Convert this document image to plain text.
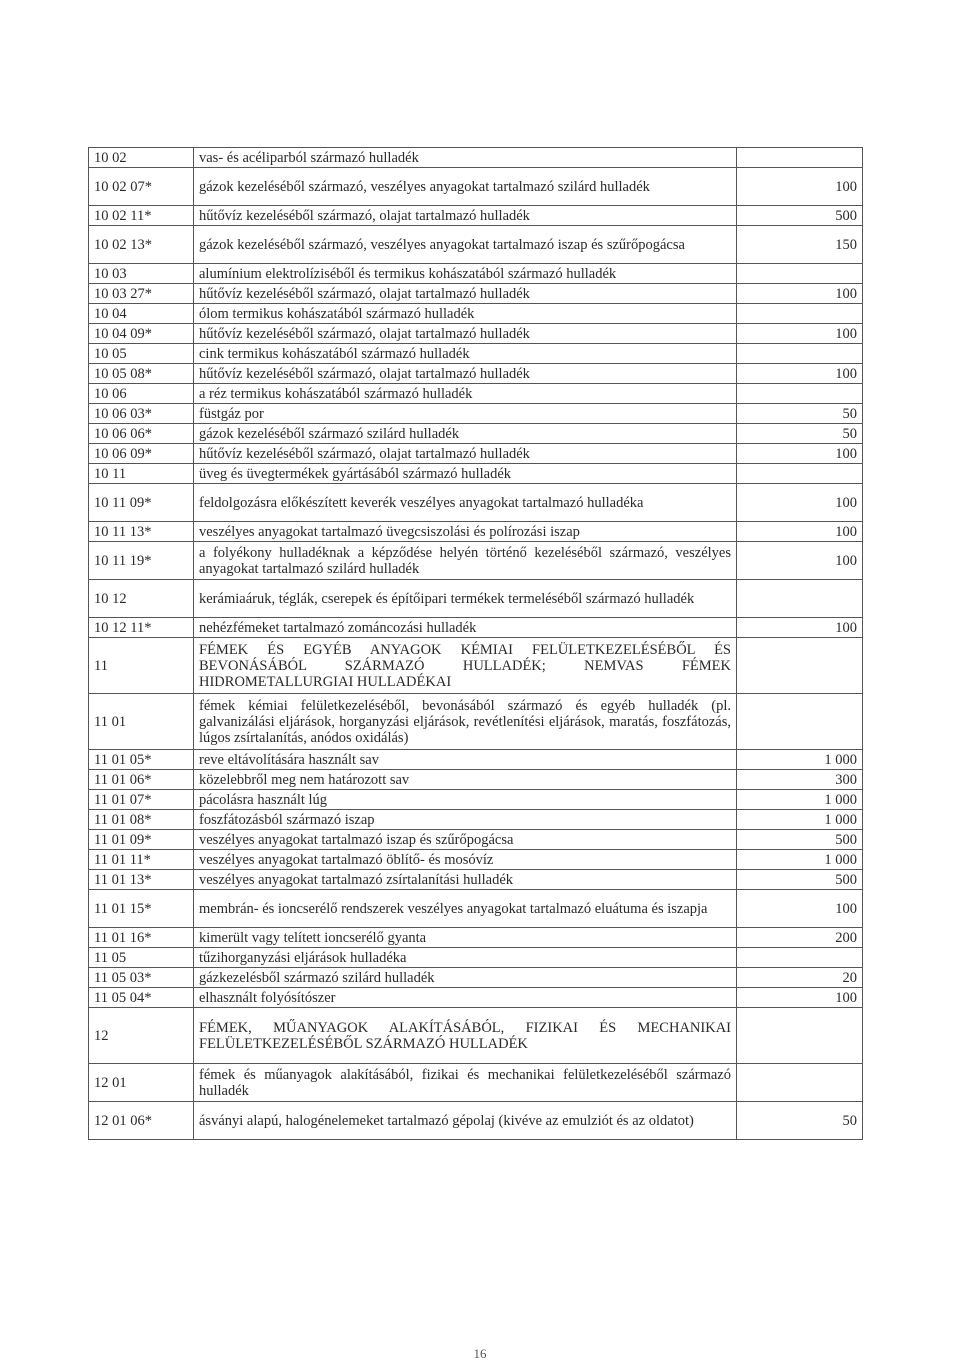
10 02	vas- és acéliparból származó hulladék	
10 02 07*	gázok kezeléséből származó, veszélyes anyagokat tartalmazó szilárd hulladék	100
10 02 11*	hűtővíz kezeléséből származó, olajat tartalmazó hulladék	500
10 02 13*	gázok kezeléséből származó, veszélyes anyagokat tartalmazó iszap és szűrőpogácsa	150
10 03	alumínium elektrolíziséből és termikus kohászatából származó hulladék	
10 03 27*	hűtővíz kezeléséből származó, olajat tartalmazó hulladék	100
10 04	ólom termikus kohászatából származó hulladék	
10 04 09*	hűtővíz kezeléséből származó, olajat tartalmazó hulladék	100
10 05	cink termikus kohászatából származó hulladék	
10 05 08*	hűtővíz kezeléséből származó, olajat tartalmazó hulladék	100
10 06	a réz termikus kohászatából származó hulladék	
10 06 03*	füstgáz por	50
10 06 06*	gázok kezeléséből származó szilárd hulladék	50
10 06 09*	hűtővíz kezeléséből származó, olajat tartalmazó hulladék	100
10 11	üveg és üvegtermékek gyártásából származó hulladék	
10 11 09*	feldolgozásra előkészített keverék veszélyes anyagokat tartalmazó hulladéka	100
10 11 13*	veszélyes anyagokat tartalmazó üvegcsiszolási és polírozási iszap	100
10 11 19*	a folyékony hulladéknak a képződése helyén történő kezeléséből származó, veszélyes anyagokat tartalmazó szilárd hulladék	100
10 12	kerámiaáruk, téglák, cserepek és építőipari termékek termeléséből származó hulladék	
10 12 11*	nehézfémeket tartalmazó zománcozási hulladék	100
11	FÉMEK ÉS EGYÉB ANYAGOK KÉMIAI FELÜLETKEZELÉSÉBŐL ÉS BEVONÁSÁBÓL SZÁRMAZÓ HULLADÉK; NEMVAS FÉMEK HIDROMETALLURGIAI HULLADÉKAI	
11 01	fémek kémiai felületkezeléséből, bevonásából származó és egyéb hulladék (pl. galvanizálási eljárások, horganyzási eljárások, revétlenítési eljárások, maratás, foszfátozás, lúgos zsírtalanítás, anódos oxidálás)	
11 01 05*	reve eltávolítására használt sav	1 000
11 01 06*	közelebbről meg nem határozott sav	300
11 01 07*	pácolásra használt lúg	1 000
11 01 08*	foszfátozásból származó iszap	1 000
11 01 09*	veszélyes anyagokat tartalmazó iszap és szűrőpogácsa	500
11 01 11*	veszélyes anyagokat tartalmazó öblítő- és mosóvíz	1 000
11 01 13*	veszélyes anyagokat tartalmazó zsírtalanítási hulladék	500
11 01 15*	membrán- és ioncserélő rendszerek veszélyes anyagokat tartalmazó eluátuma és iszapja	100
11 01 16*	kimerült vagy telített ioncserélő gyanta	200
11 05	tűzihorganyzási eljárások hulladéka	
11 05 03*	gázkezelésből származó szilárd hulladék	20
11 05 04*	elhasznált folyósítószer	100
12	FÉMEK, MŰANYAGOK ALAKÍTÁSÁBÓL, FIZIKAI ÉS MECHANIKAI FELÜLETKEZELÉSÉBŐL SZÁRMAZÓ HULLADÉK	
12 01	fémek és műanyagok alakításából, fizikai és mechanikai felületkezeléséből származó hulladék	
12 01 06*	ásványi alapú, halogénelemeket tartalmazó gépolaj (kivéve az emulziót és az oldatot)	50
16
